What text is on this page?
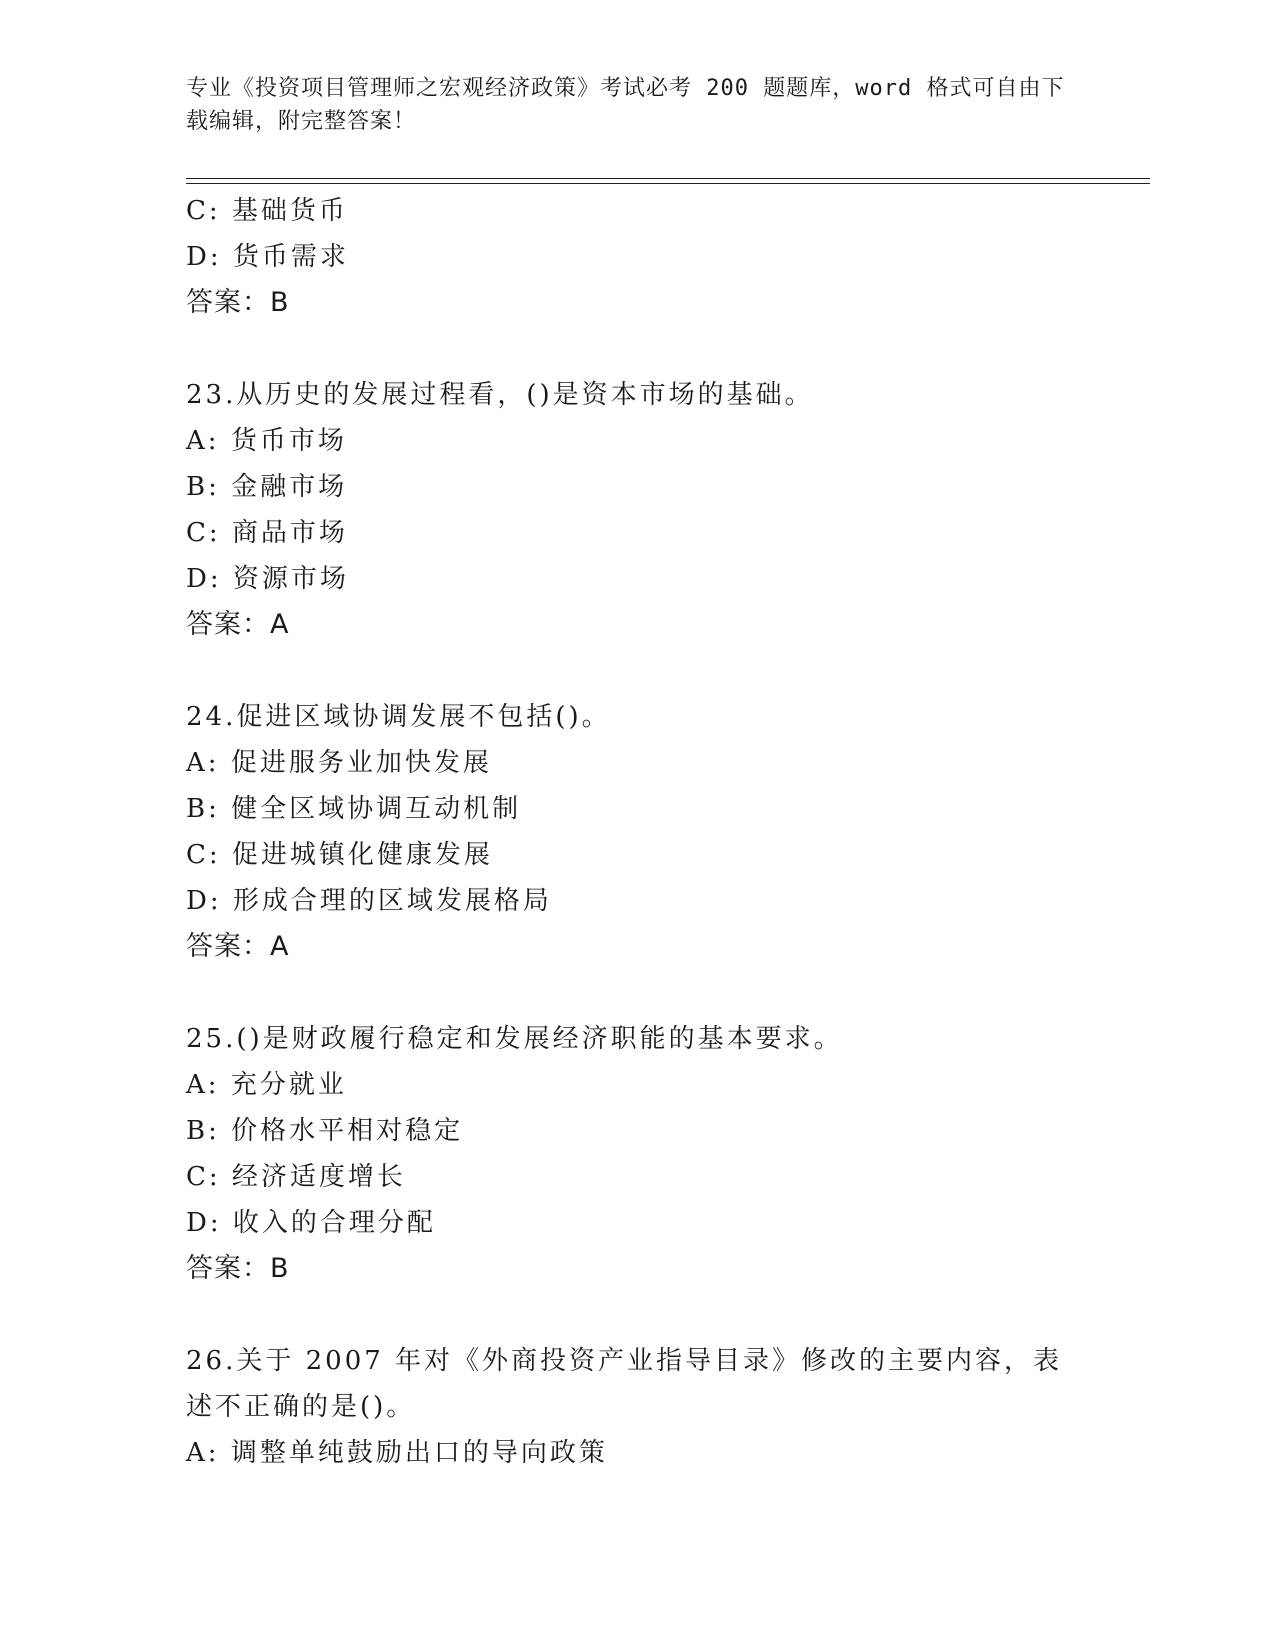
专业《投资项目管理师之宏观经济政策》考试必考 200 题题库，word 格式可自由下载编辑，附完整答案！
C: 基础货币
D: 货币需求
答案：B
23.从历史的发展过程看，()是资本市场的基础。
A: 货币市场
B: 金融市场
C: 商品市场
D: 资源市场
答案：A
24.促进区域协调发展不包括()。
A: 促进服务业加快发展
B: 健全区域协调互动机制
C: 促进城镇化健康发展
D: 形成合理的区域发展格局
答案：A
25.()是财政履行稳定和发展经济职能的基本要求。
A: 充分就业
B: 价格水平相对稳定
C: 经济适度增长
D: 收入的合理分配
答案：B
26.关于 2007 年对《外商投资产业指导目录》修改的主要内容，表述不正确的是()。
A: 调整单纯鼓励出口的导向政策
